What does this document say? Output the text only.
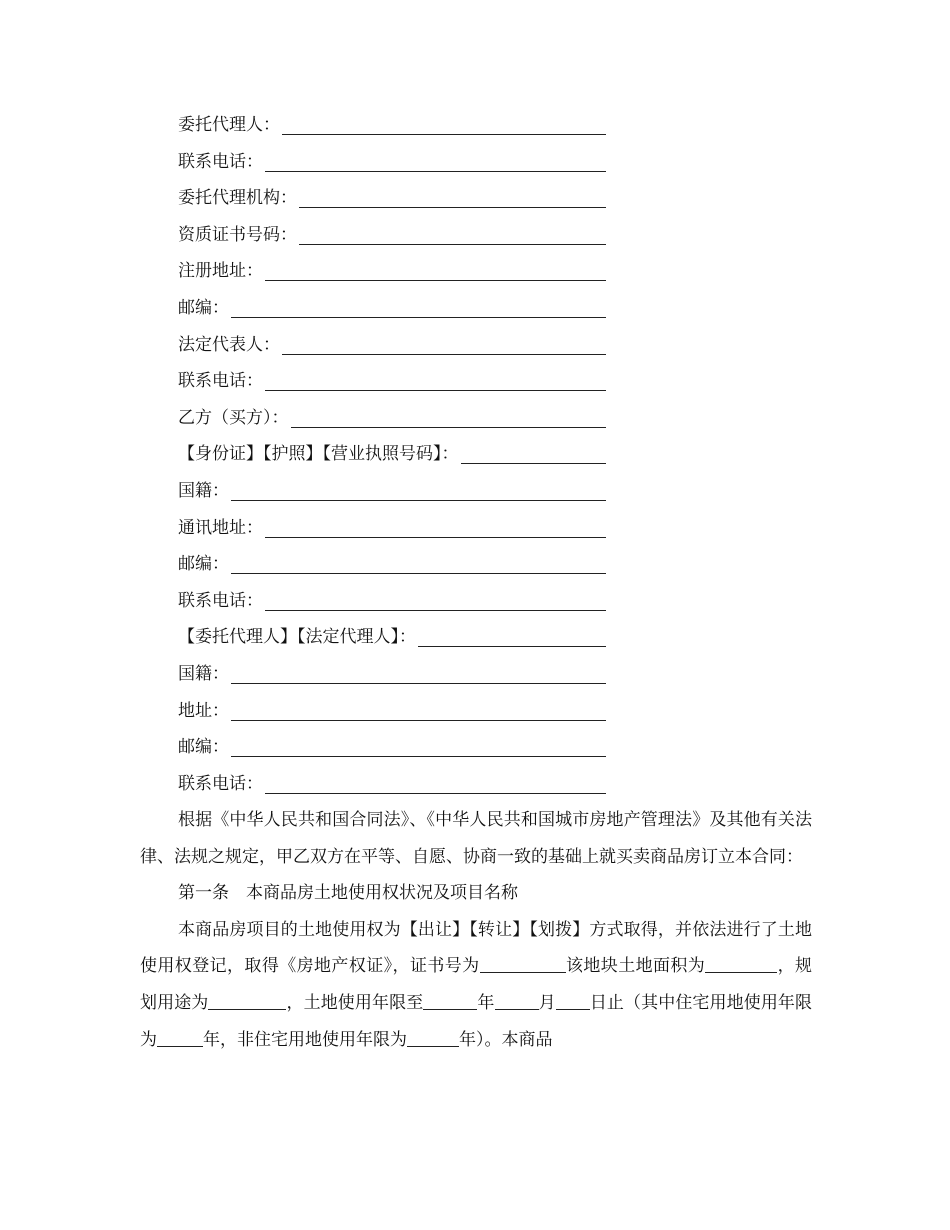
委托代理人：
联系电话：
委托代理机构：
资质证书号码：
注册地址：
邮编：
法定代表人：
联系电话：
乙方（买方）：
【身份证】【护照】【营业执照号码】：
国籍：
通讯地址：
邮编：
联系电话：
【委托代理人】【法定代理人】：
国籍：
地址：
邮编：
联系电话：

根据《中华人民共和国合同法》、《中华人民共和国城市房地产管理法》及其他有关法律、法规之规定，甲乙双方在平等、自愿、协商一致的基础上就买卖商品房订立本合同：

第一条　本商品房土地使用权状况及项目名称

本商品房项目的土地使用权为【出让】【转让】【划拨】方式取得，并依法进行了土地使用权登记，取得《房地产权证》，证书号为	该地块土地面积为	，规划用途为	，土地使用年限至	年	月 日止（其中住宅用地使用年限为	年，非住宅用地使用年限为	年）。本商品
